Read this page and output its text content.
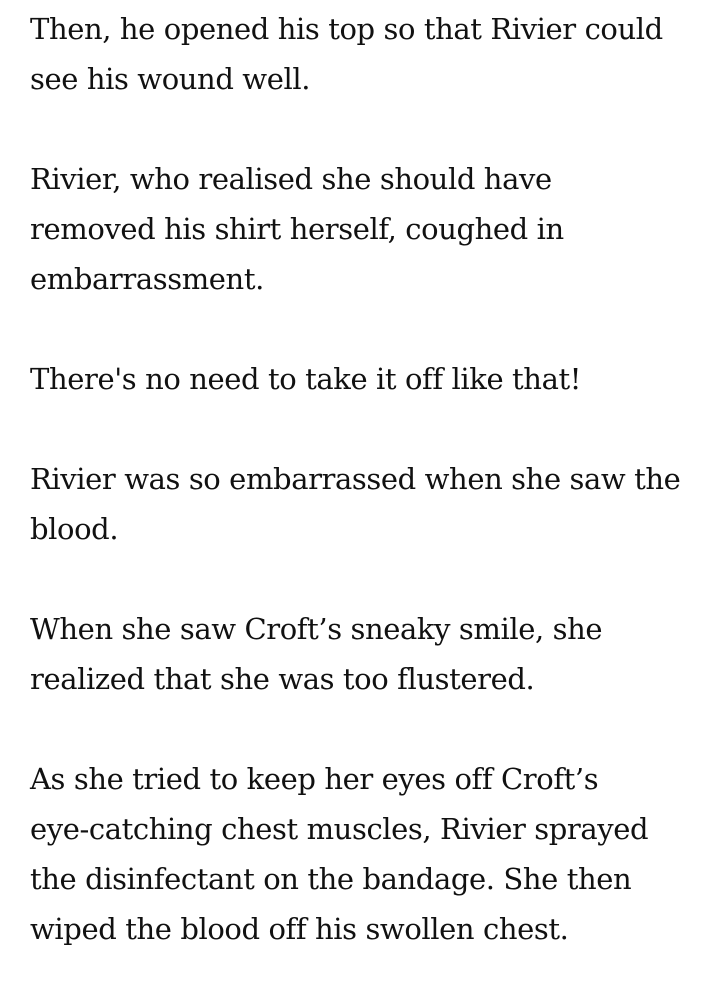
Then, he opened his top so that Rivier could
see his wound well.

Rivier, who realised she should have
removed his shirt herself, coughed in
embarrassment.

There's no need to take it off like that!

Rivier was so embarrassed when she saw the
blood.

When she saw Croft’s sneaky smile, she
realized that she was too flustered.

As she tried to keep her eyes off Croft’s
eye-catching chest muscles, Rivier sprayed
the disinfectant on the bandage. She then
wiped the blood off his swollen chest.
